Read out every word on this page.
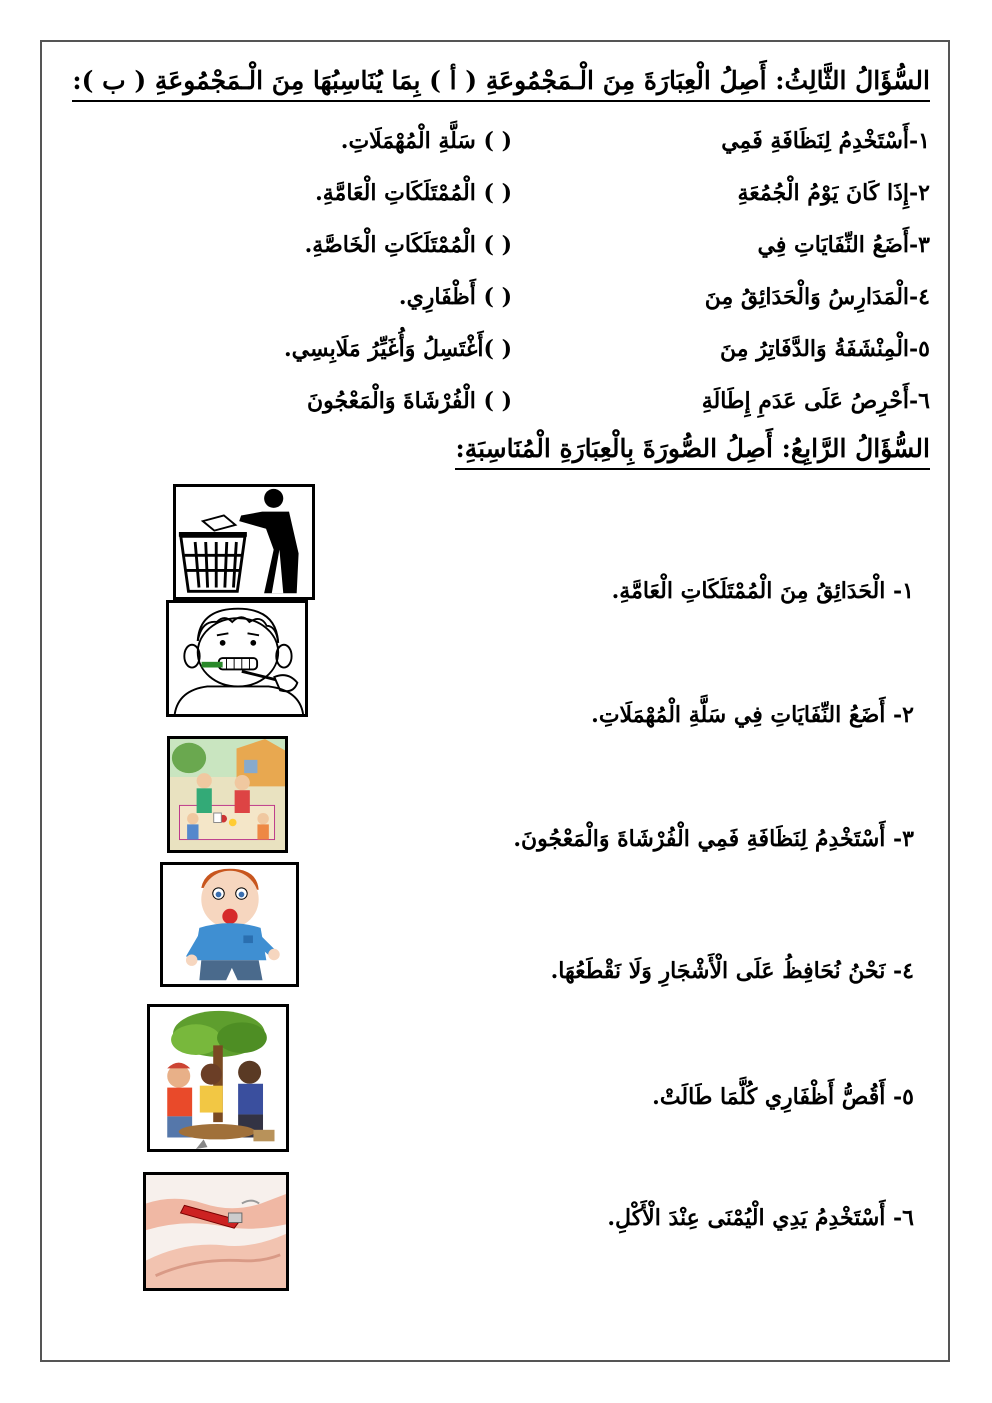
السُّؤَالُ الثَّالِثُ: أَصِلُ الْعِبَارَةَ مِنَ الْـمَجْمُوعَةِ ( أ ) بِمَا يُنَاسِبُهَا مِنَ الْـمَجْمُوعَةِ ( ب ):
١-أَسْتَخْدِمُ لِنَظَافَةِ فَمِي
٢-إِذَا كَانَ يَوْمُ الْجُمُعَةِ
٣-أَضَعُ النِّفَايَاتِ فِي
٤-الْمَدَارِسُ وَالْحَدَائِقُ مِنَ
٥-الْمِنْشَفَةُ وَالدَّفَاتِرُ مِنَ
٦-أَحْرِصُ عَلَى عَدَمِ إِطَالَةِ
( ) سَلَّةِ الْمُهْمَلَاتِ.
( ) الْمُمْتَلَكَاتِ الْعَامَّةِ.
( ) الْمُمْتَلَكَاتِ الْخَاصَّةِ.
( ) أَظْفَارِي.
( )أَغْتَسِلُ وَأُغَيِّرُ مَلَابِسِي.
( ) الْفُرْشَاةَ وَالْمَعْجُونَ
السُّؤَالُ الرَّابِعُ: أَصِلُ الصُّورَةَ بِالْعِبَارَةِ الْمُنَاسِبَةِ:
١- الْحَدَائِقُ مِنَ الْمُمْتَلَكَاتِ الْعَامَّةِ.
٢- أَضَعُ النِّفَايَاتِ فِي سَلَّةِ الْمُهْمَلَاتِ.
٣- أَسْتَخْدِمُ لِنَظَافَةِ فَمِي الْفُرْشَاةَ وَالْمَعْجُونَ.
٤- نَحْنُ نُحَافِظُ عَلَى الْأَشْجَارِ وَلَا نَقْطَعُهَا.
٥- أَقُصُّ أَظْفَارِي كُلَّمَا طَالَتْ.
٦- أَسْتَخْدِمُ يَدِي الْيُمْنَى عِنْدَ الْأَكْلِ.
